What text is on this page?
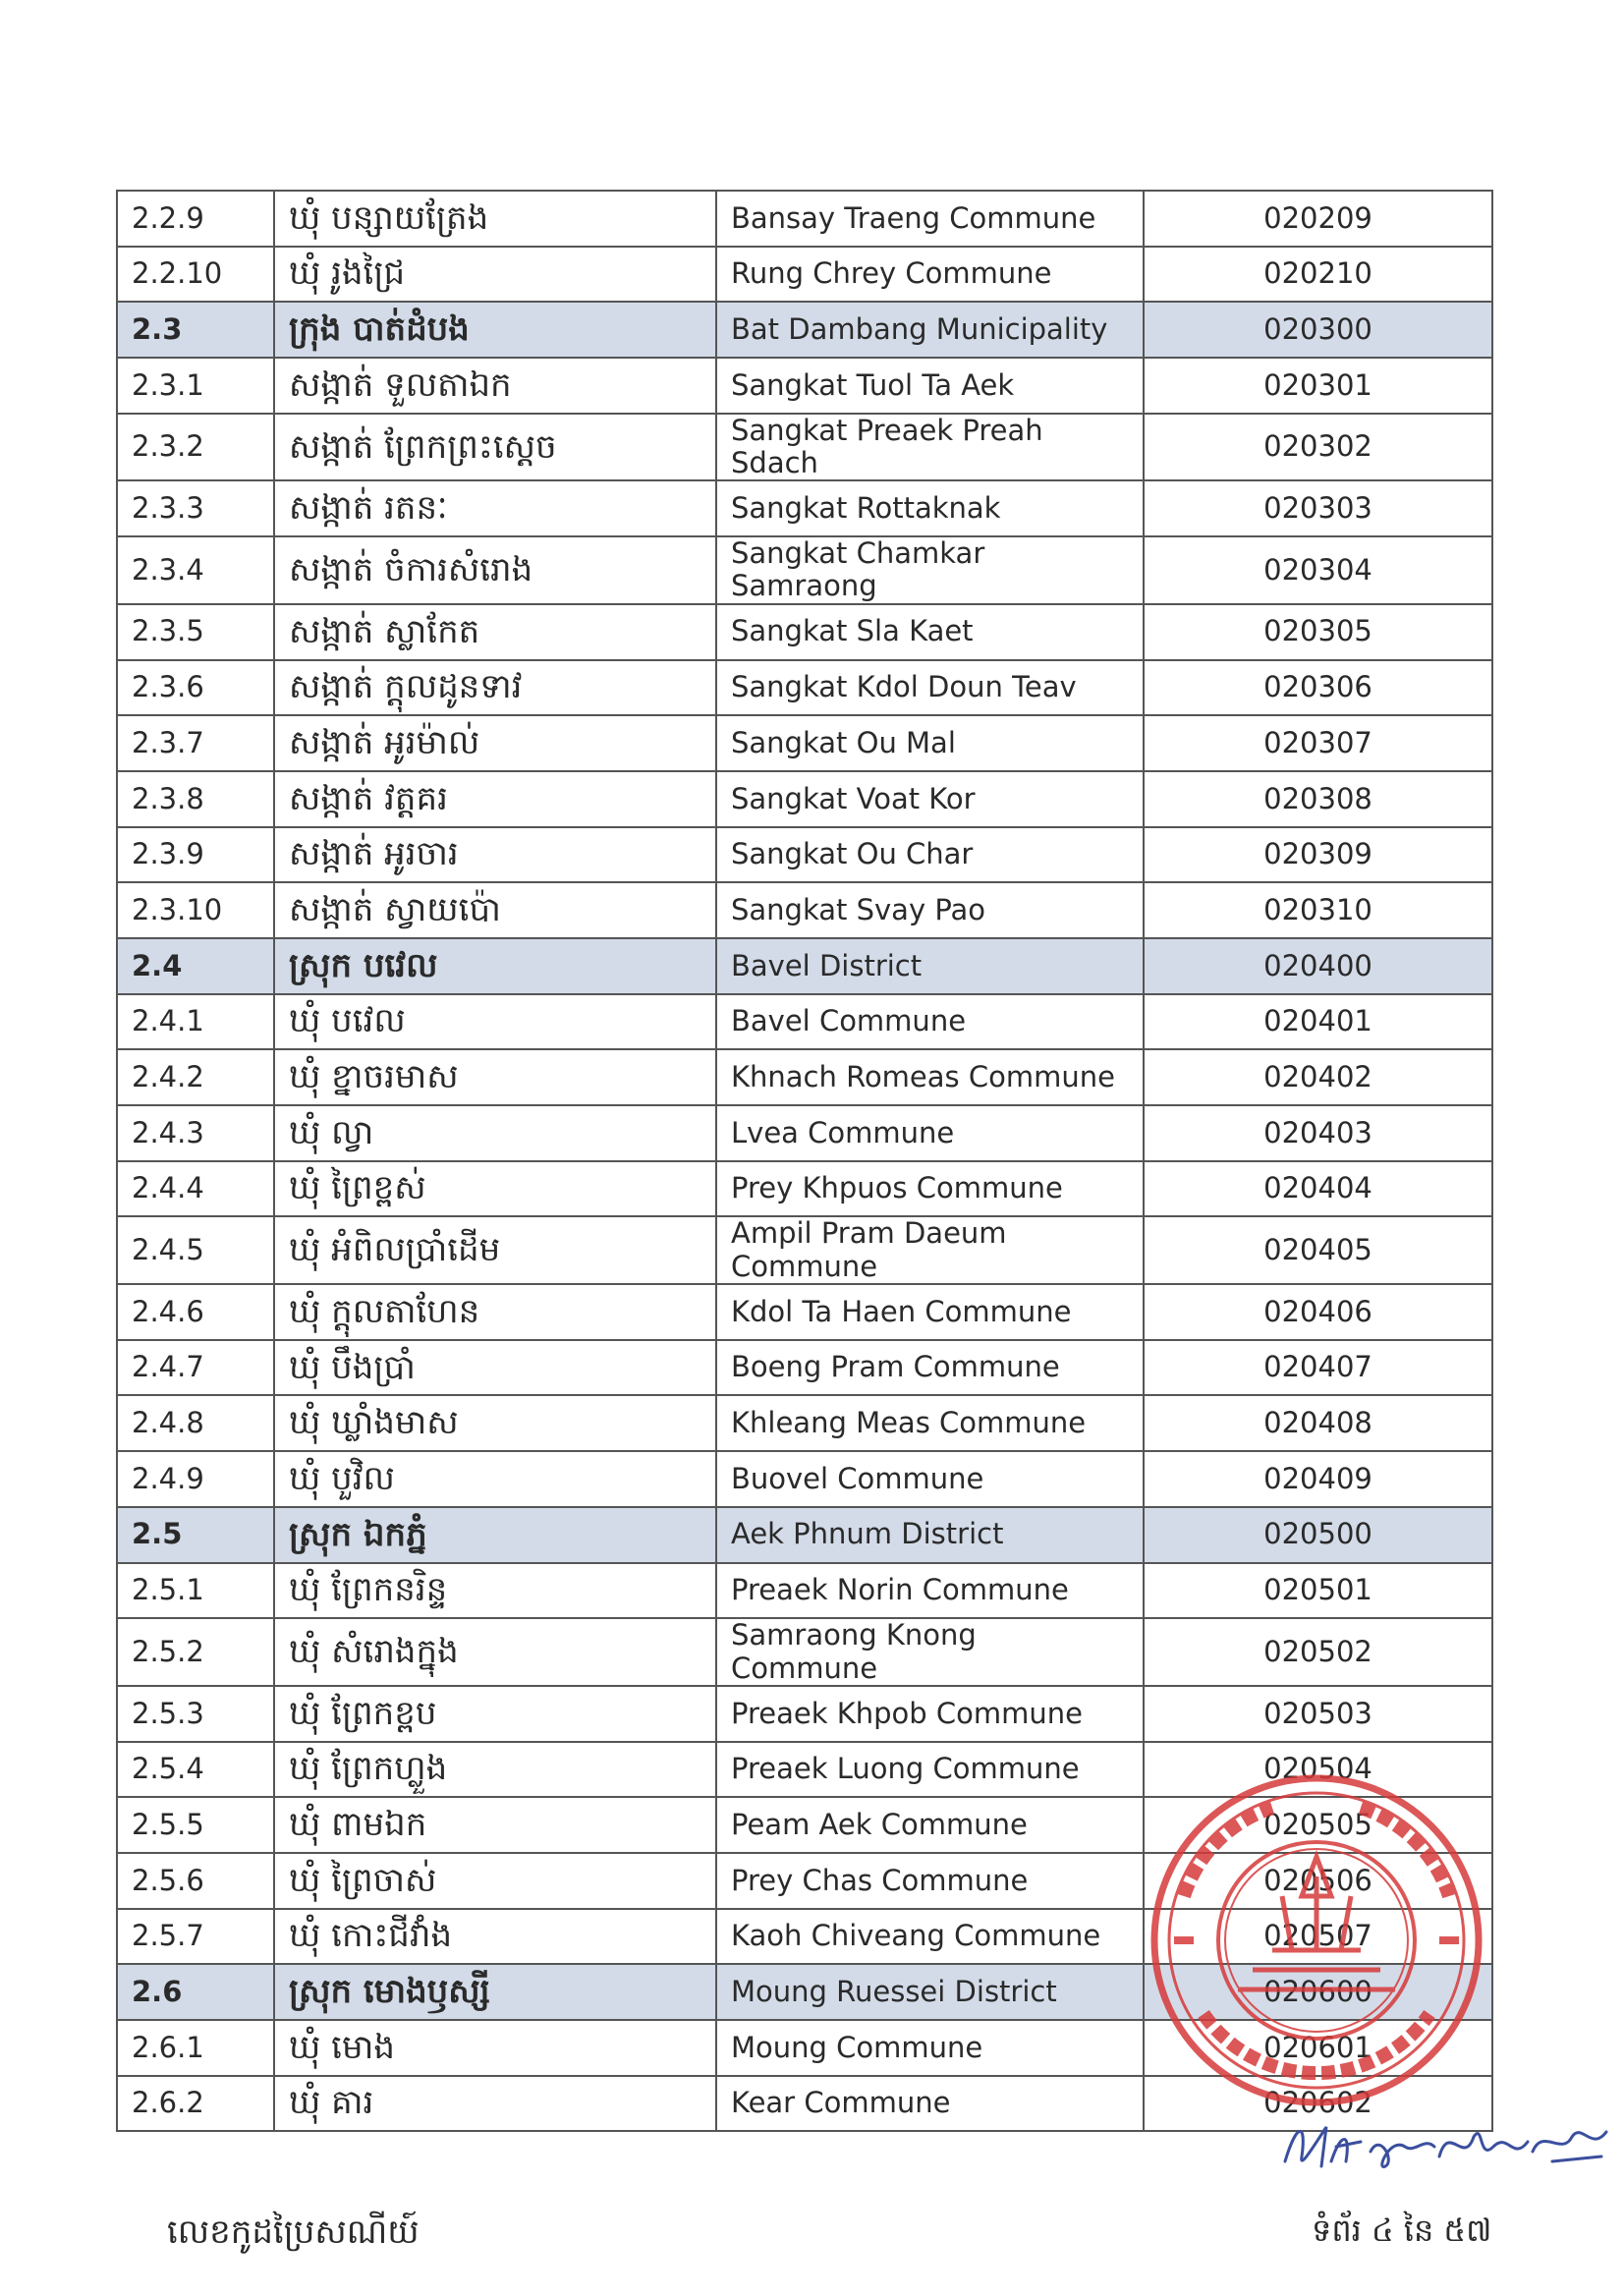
2.2.9	ឃុំ បន្សាយត្រែង	Bansay Traeng Commune	020209
2.2.10	ឃុំ រូងជ្រៃ	Rung Chrey Commune	020210
2.3	ក្រុង បាត់ដំបង	Bat Dambang Municipality	020300
2.3.1	សង្កាត់ ទួលតាឯក	Sangkat Tuol Ta Aek	020301
2.3.2	សង្កាត់ ព្រែកព្រះស្តេច	Sangkat Preaek Preah Sdach	020302
2.3.3	សង្កាត់ រតនៈ	Sangkat Rottaknak	020303
2.3.4	សង្កាត់ ចំការសំរោង	Sangkat Chamkar Samraong	020304
2.3.5	សង្កាត់ ស្លាកែត	Sangkat Sla Kaet	020305
2.3.6	សង្កាត់ ក្តុលដូនទាវ	Sangkat Kdol Doun Teav	020306
2.3.7	សង្កាត់ អូរម៉ាល់	Sangkat Ou Mal	020307
2.3.8	សង្កាត់ វត្តគរ	Sangkat Voat Kor	020308
2.3.9	សង្កាត់ អូរចារ	Sangkat Ou Char	020309
2.3.10	សង្កាត់ ស្វាយប៉ោ	Sangkat Svay Pao	020310
2.4	ស្រុក បវេល	Bavel District	020400
2.4.1	ឃុំ បវេល	Bavel Commune	020401
2.4.2	ឃុំ ខ្នាចរមាស	Khnach Romeas Commune	020402
2.4.3	ឃុំ ល្វា	Lvea Commune	020403
2.4.4	ឃុំ ព្រៃខ្ពស់	Prey Khpuos Commune	020404
2.4.5	ឃុំ អំពិលប្រាំដើម	Ampil Pram Daeum Commune	020405
2.4.6	ឃុំ ក្តុលតាហែន	Kdol Ta Haen Commune	020406
2.4.7	ឃុំ បឹងប្រាំ	Boeng Pram Commune	020407
2.4.8	ឃុំ ឃ្លាំងមាស	Khleang Meas Commune	020408
2.4.9	ឃុំ បួវិល	Buovel Commune	020409
2.5	ស្រុក ឯកភ្នំ	Aek Phnum District	020500
2.5.1	ឃុំ ព្រែកនរិន្ទ	Preaek Norin Commune	020501
2.5.2	ឃុំ សំរោងក្នុង	Samraong Knong Commune	020502
2.5.3	ឃុំ ព្រែកខ្ពប	Preaek Khpob Commune	020503
2.5.4	ឃុំ ព្រែកហ្លួង	Preaek Luong Commune	020504
2.5.5	ឃុំ ពាមឯក	Peam Aek Commune	020505
2.5.6	ឃុំ ព្រៃចាស់	Prey Chas Commune	020506
2.5.7	ឃុំ កោះជីវាំង	Kaoh Chiveang Commune	020507
2.6	ស្រុក មោងឫស្សី	Moung Ruessei District	020600
2.6.1	ឃុំ មោង	Moung Commune	020601
2.6.2	ឃុំ គារ	Kear Commune	020602
លេខកូដប្រៃសណីយ៍	ទំព័រ ៤ នៃ ៥៧
